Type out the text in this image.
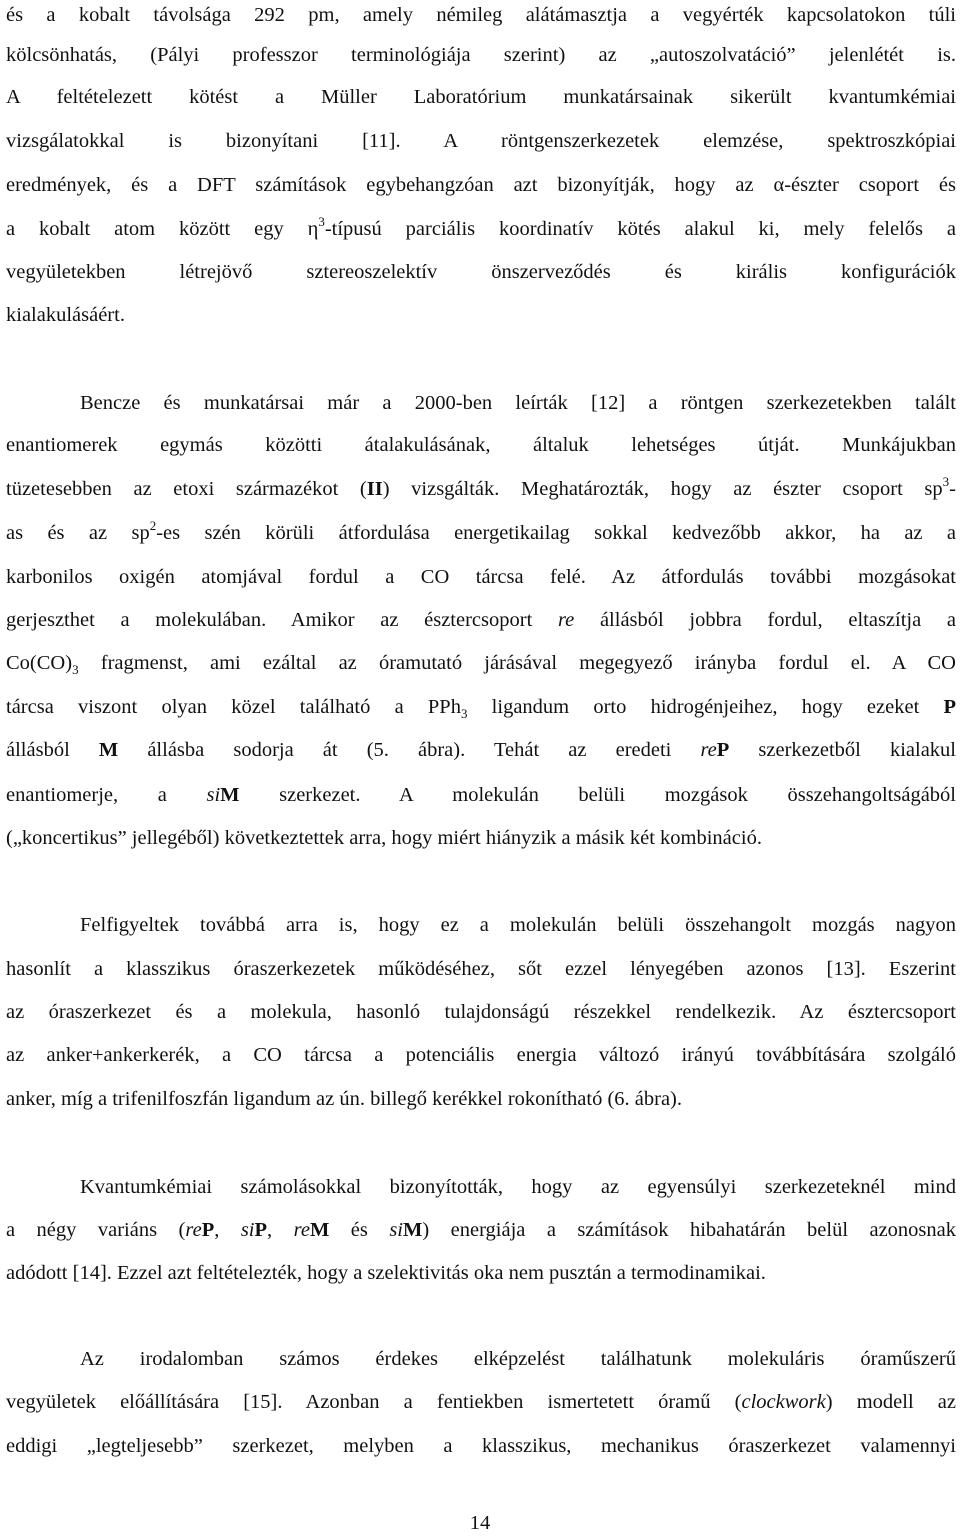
és a kobalt távolsága 292 pm, amely némileg alátámasztja a vegyérték kapcsolatokon túli
kölcsönhatás, (Pályi professzor terminológiája szerint) az „autoszolvatáció” jelenlétét is.
A feltételezett kötést a Müller Laboratórium munkatársainak sikerült kvantumkémiai
vizsgálatokkal is bizonyítani [11]. A röntgenszerkezetek elemzése, spektroszkópiai
eredmények, és a DFT számítások egybehangzóan azt bizonyítják, hogy az α-észter csoport és
a kobalt atom között egy $\eta^3$-típusú parciális koordinatív kötés alakul ki, mely felelős a
vegyületekben létrejövő sztereoszelektív önszerveződés és királis konfigurációk
kialakulásáért.
Bencze és munkatársai már a 2000-ben leírták [12] a röntgen szerkezetekben talált
enantiomerek egymás közötti átalakulásának, általuk lehetséges útját. Munkájukban
tüzetesebben az etoxi származékot (II) vizsgálták. Meghatározták, hogy az észter csoport $sp^3-$
as és az $sp^2-es$ szén körüli átfordulása energetikailag sokkal kedvezőbb akkor, ha az a
karbonilos oxigén atomjával fordul a CO tárcsa felé. Az átfordulás további mozgásokat
gerjeszthet a molekulában. Amikor az észtercsoport re állásból jobbra fordul, eltaszítja a
$Co(CO)_3$ fragmenst, ami ezáltal az óramutató járásával megegyező irányba fordul el. A CO
tárcsa viszont olyan közel található a PPh$_3$ ligandum orto hidrogénjeihez, hogy ezeket P
állásból M állásba sodorja át (5. ábra). Tehát az eredeti reP szerkezetből kialakul
enantiomerje, a siM szerkezet. A molekulán belüli mozgások összehangoltságából
(„koncertikus” jellegéből) következtettek arra, hogy miért hiányzik a másik két kombináció.
Felfigyeltek továbbá arra is, hogy ez a molekulán belüli összehangolt mozgás nagyon
hasonlít a klasszikus óraszerkezetek működéséhez, sőt ezzel lényegében azonos [13]. Eszerint
az óraszerkezet és a molekula, hasonló tulajdonságú részekkel rendelkezik. Az észtercsoport
az anker+ankerkerék, a CO tárcsa a potenciális energia változó irányú továbbítására szolgáló
anker, míg a trifenilfoszfán ligandum az ún. billegő kerékkel rokonítható (6. ábra).
Kvantumkémiai számolásokkal bizonyították, hogy az egyensúlyi szerkezeteknél mind
a négy variáns (reP, siP, reM és siM) energiája a számítások hibahatárán belül azonosnak
adódott [14]. Ezzel azt feltételezték, hogy a szelektivitás oka nem pusztán a termodinamikai.
Az irodalomban számos érdekes elképzelést találhatunk molekuláris óraműszerű
vegyületek előállítására [15]. Azonban a fentiekben ismertetett óramű (clockwork) modell az
eddigi „legteljesebb” szerkezet, melyben a klasszikus, mechanikus óraszerkezet valamennyi
14
